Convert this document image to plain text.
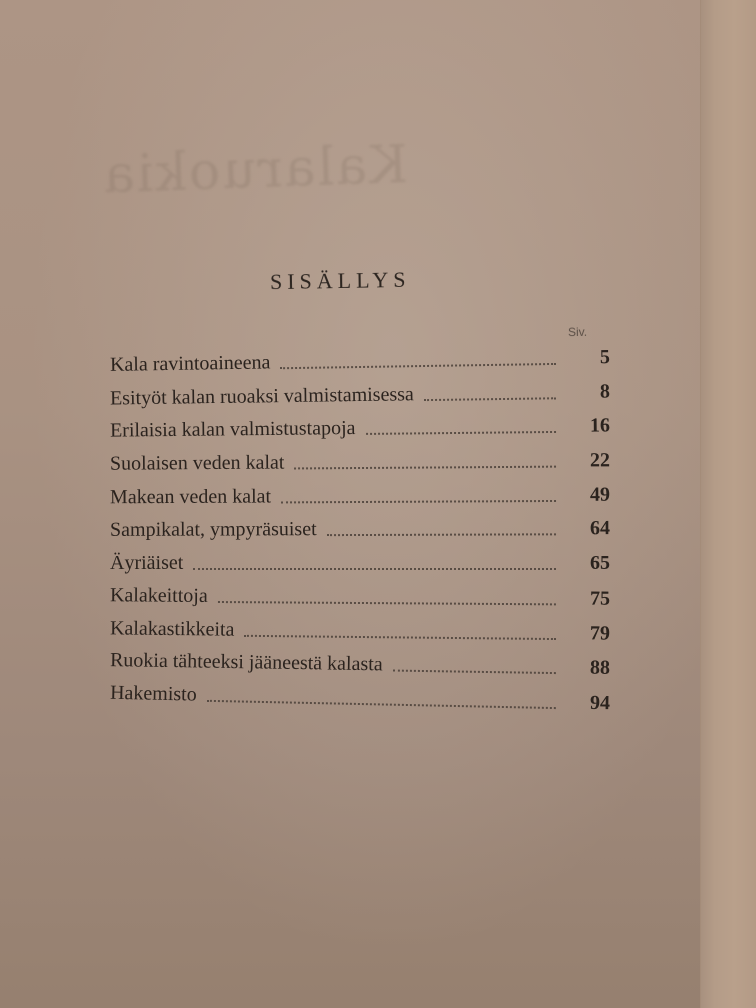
Kalaruokia
SISÄLLYS
Siv.
Kala ravintoaineena	5
Esityöt kalan ruoaksi valmistamisessa	8
Erilaisia kalan valmistustapoja	16
Suolaisen veden kalat	22
Makean veden kalat	49
Sampikalat, ympyräsuiset	64
Äyriäiset	65
Kalakeittoja	75
Kalakastikkeita	79
Ruokia tähteeksi jääneestä kalasta	88
Hakemisto	94
